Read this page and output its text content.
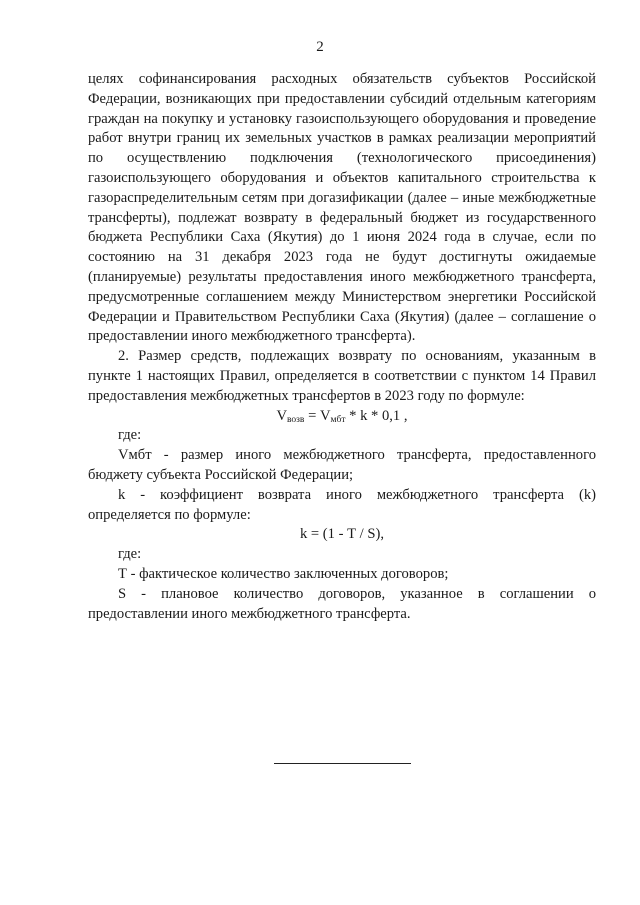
2

целях софинансирования расходных обязательств субъектов Российской Федерации, возникающих при предоставлении субсидий отдельным категориям граждан на покупку и установку газоиспользующего оборудования и проведение работ внутри границ их земельных участков в рамках реализации мероприятий по осуществлению подключения (технологического присоединения) газоиспользующего оборудования и объектов капитального строительства к газораспределительным сетям при догазификации (далее – иные межбюджетные трансферты), подлежат возврату в федеральный бюджет из государственного бюджета Республики Саха (Якутия) до 1 июня 2024 года в случае, если по состоянию на 31 декабря 2023 года не будут достигнуты ожидаемые (планируемые) результаты предоставления иного межбюджетного трансферта, предусмотренные соглашением между Министерством энергетики Российской Федерации и Правительством Республики Саха (Якутия) (далее – соглашение о предоставлении иного межбюджетного трансферта).

2. Размер средств, подлежащих возврату по основаниям, указанным в пункте 1 настоящих Правил, определяется в соответствии с пунктом 14 Правил предоставления межбюджетных трансфертов в 2023 году по формуле:

$V_{возв} = V_{мбт} * k * 0,1$ ,

где:

Vмбт - размер иного межбюджетного трансферта, предоставленного бюджету субъекта Российской Федерации;

k - коэффициент возврата иного межбюджетного трансферта (k) определяется по формуле:

k = (1 - Т / S),

где:

Т - фактическое количество заключенных договоров;

S - плановое количество договоров, указанное в соглашении о предоставлении иного межбюджетного трансферта.
